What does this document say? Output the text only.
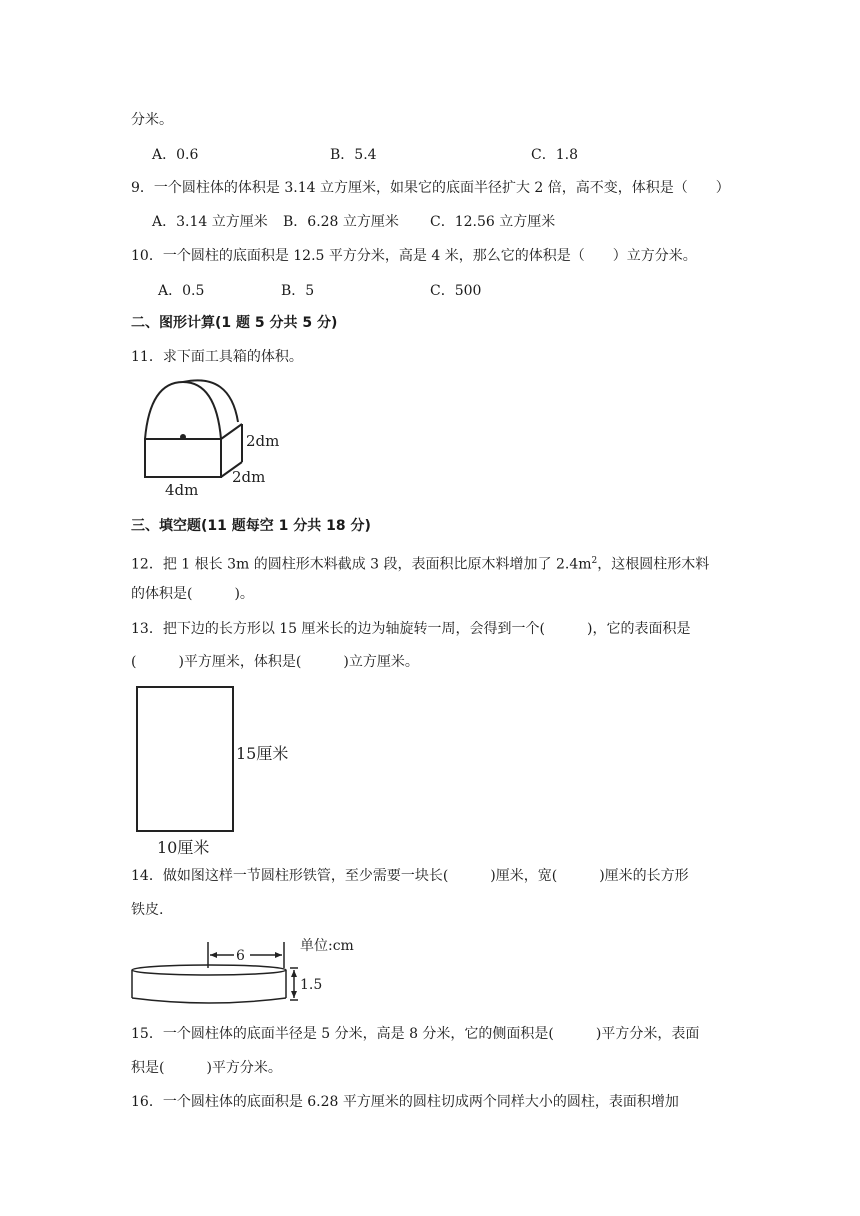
分米。
A．0.6	B．5.4	C．1.8
9．一个圆柱体的体积是 3.14 立方厘米，如果它的底面半径扩大 2 倍，高不变，体积是（　　）
A．3.14 立方厘米 B．6.28 立方厘米 C．12.56 立方厘米
10．一个圆柱的底面积是 12.5 平方分米，高是 4 米，那么它的体积是（　　）立方分米。
A．0.5	B．5	C．500
二、图形计算(1 题 5 分共 5 分)
11．求下面工具箱的体积。
2dm
2dm
4dm
三、填空题(11 题每空 1 分共 18 分)
12．把 1 根长 3m 的圆柱形木料截成 3 段，表面积比原木料增加了 $2.4m^2$，这根圆柱形木料
的体积是(　　　)。
13．把下边的长方形以 15 厘米长的边为轴旋转一周，会得到一个(　　　)，它的表面积是
(　　　)平方厘米，体积是(　　　)立方厘米。
15厘米
10厘米
14．做如图这样一节圆柱形铁管，至少需要一块长(　　　)厘米，宽(　　　)厘米的长方形
铁皮.
6
1.5
单位:cm
15．一个圆柱体的底面半径是 5 分米，高是 8 分米，它的侧面积是(　　　)平方分米，表面
积是(　　　)平方分米。
16．一个圆柱体的底面积是 6.28 平方厘米的圆柱切成两个同样大小的圆柱，表面积增加
